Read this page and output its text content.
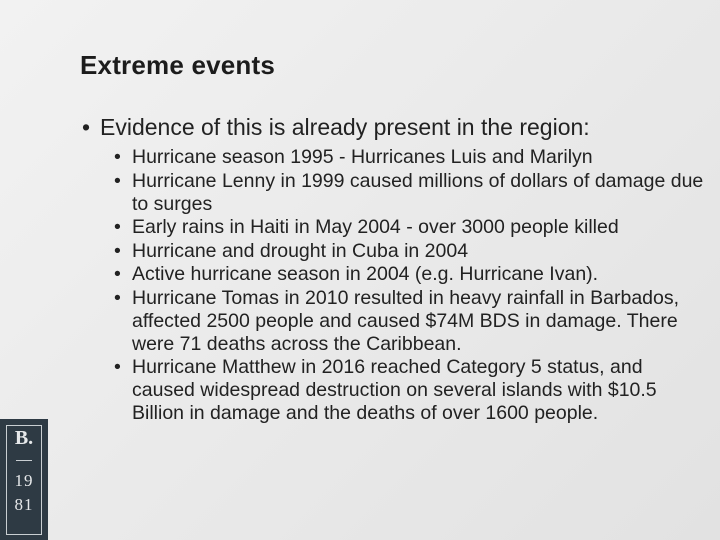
Extreme events
• Evidence of this is already present in the region:
• Hurricane season 1995 - Hurricanes Luis and Marilyn
• Hurricane Lenny in 1999 caused millions of dollars of damage due to surges
• Early rains in Haiti in May 2004 - over 3000 people killed
• Hurricane and drought in Cuba in 2004
• Active hurricane season in 2004 (e.g. Hurricane Ivan).
• Hurricane Tomas in 2010 resulted in heavy rainfall in Barbados, affected 2500 people and caused $74M BDS in damage. There were 71 deaths across the Caribbean.
• Hurricane Matthew in 2016 reached Category 5 status, and caused widespread destruction on several islands with $10.5 Billion in damage and the deaths of over 1600 people.
B.
19
81
